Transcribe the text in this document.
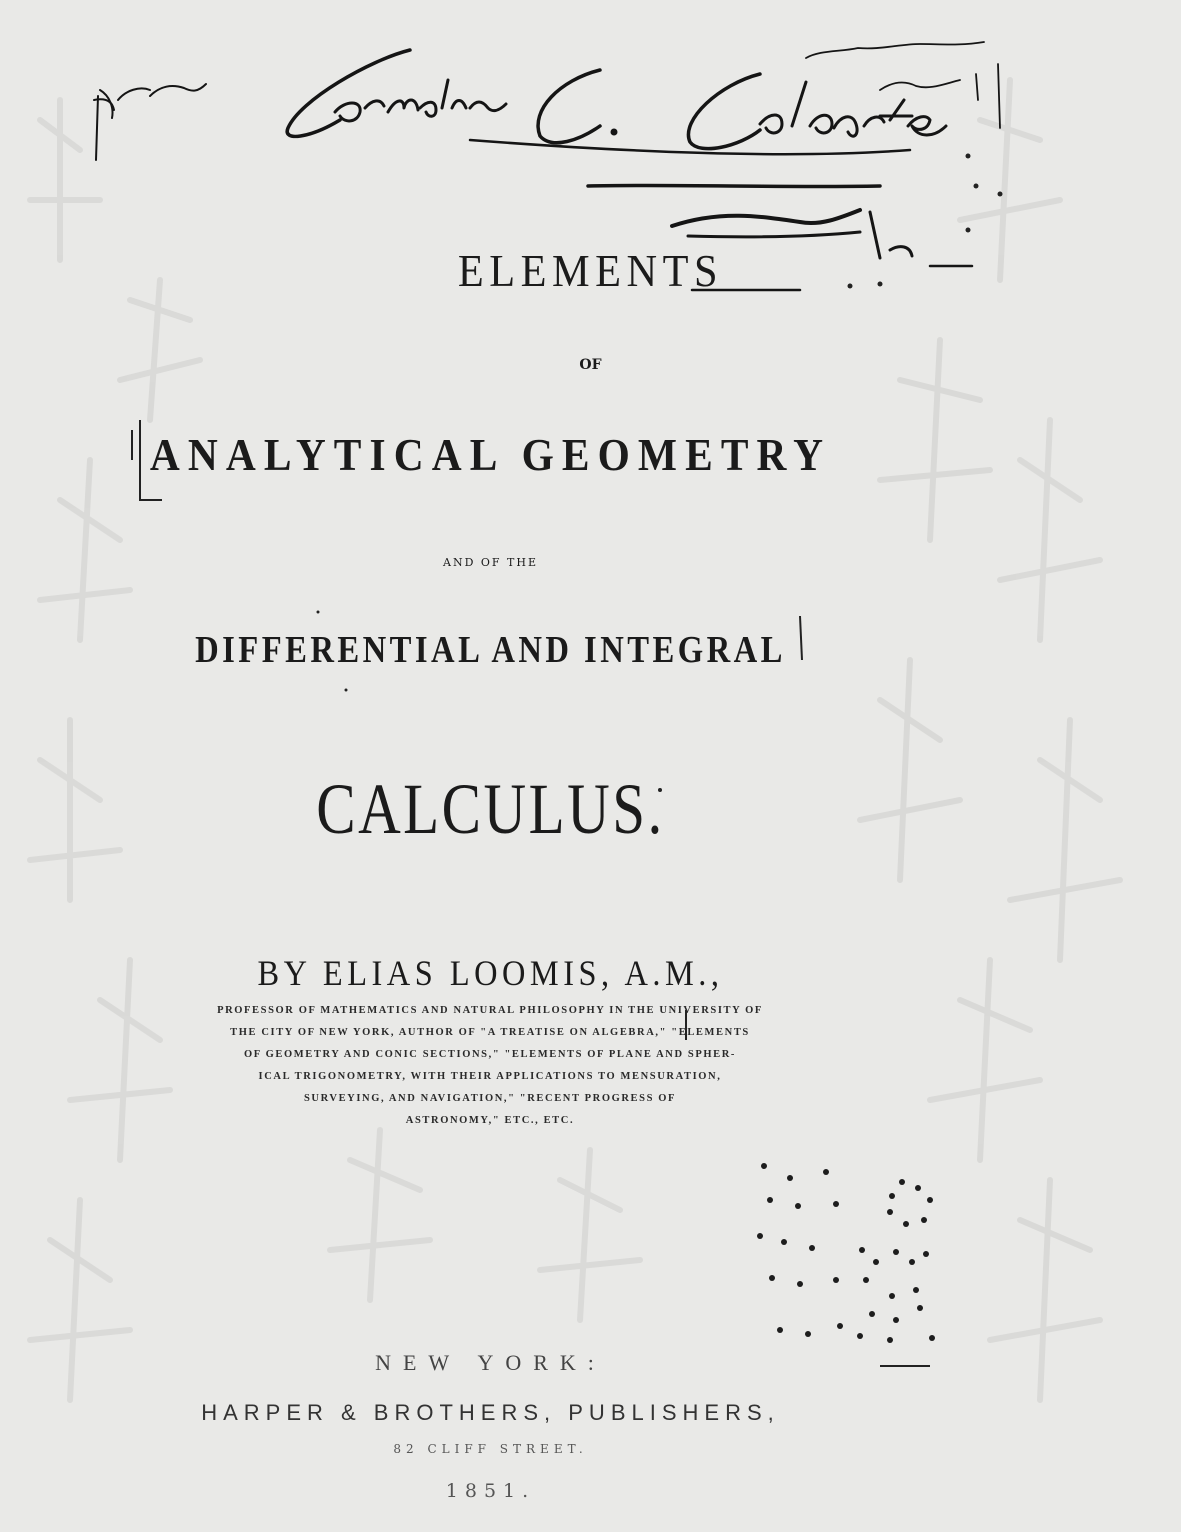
ELEMENTS
OF
ANALYTICAL GEOMETRY
AND OF THE
DIFFERENTIAL AND INTEGRAL
CALCULUS.
BY ELIAS LOOMIS, A.M.,
PROFESSOR OF MATHEMATICS AND NATURAL PHILOSOPHY IN THE UNIVERSITY OF
THE CITY OF NEW YORK, AUTHOR OF "A TREATISE ON ALGEBRA," "ELEMENTS
OF GEOMETRY AND CONIC SECTIONS," "ELEMENTS OF PLANE AND SPHER-
ICAL TRIGONOMETRY, WITH THEIR APPLICATIONS TO MENSURATION,
SURVEYING, AND NAVIGATION," "RECENT PROGRESS OF
ASTRONOMY," ETC., ETC.
NEW YORK:
HARPER & BROTHERS, PUBLISHERS,
82 CLIFF STREET.
1851.
